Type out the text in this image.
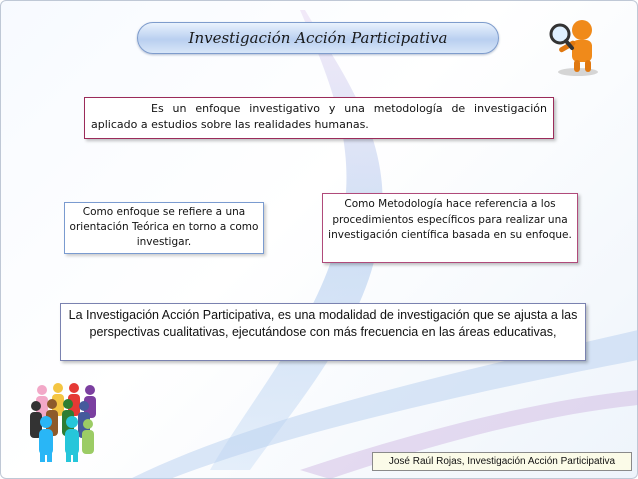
Investigación Acción Participativa
Es un enfoque investigativo y una metodología de investigación aplicado a estudios sobre las realidades humanas.
Como enfoque se refiere a una orientación Teórica en torno a como investigar.
Como Metodología hace referencia a los procedimientos específicos para realizar una investigación científica basada en su enfoque.
La Investigación Acción Participativa, es una modalidad de investigación que se ajusta a las perspectivas cualitativas, ejecutándose con más frecuencia en las áreas educativas,
José Raúl Rojas, Investigación Acción Participativa
